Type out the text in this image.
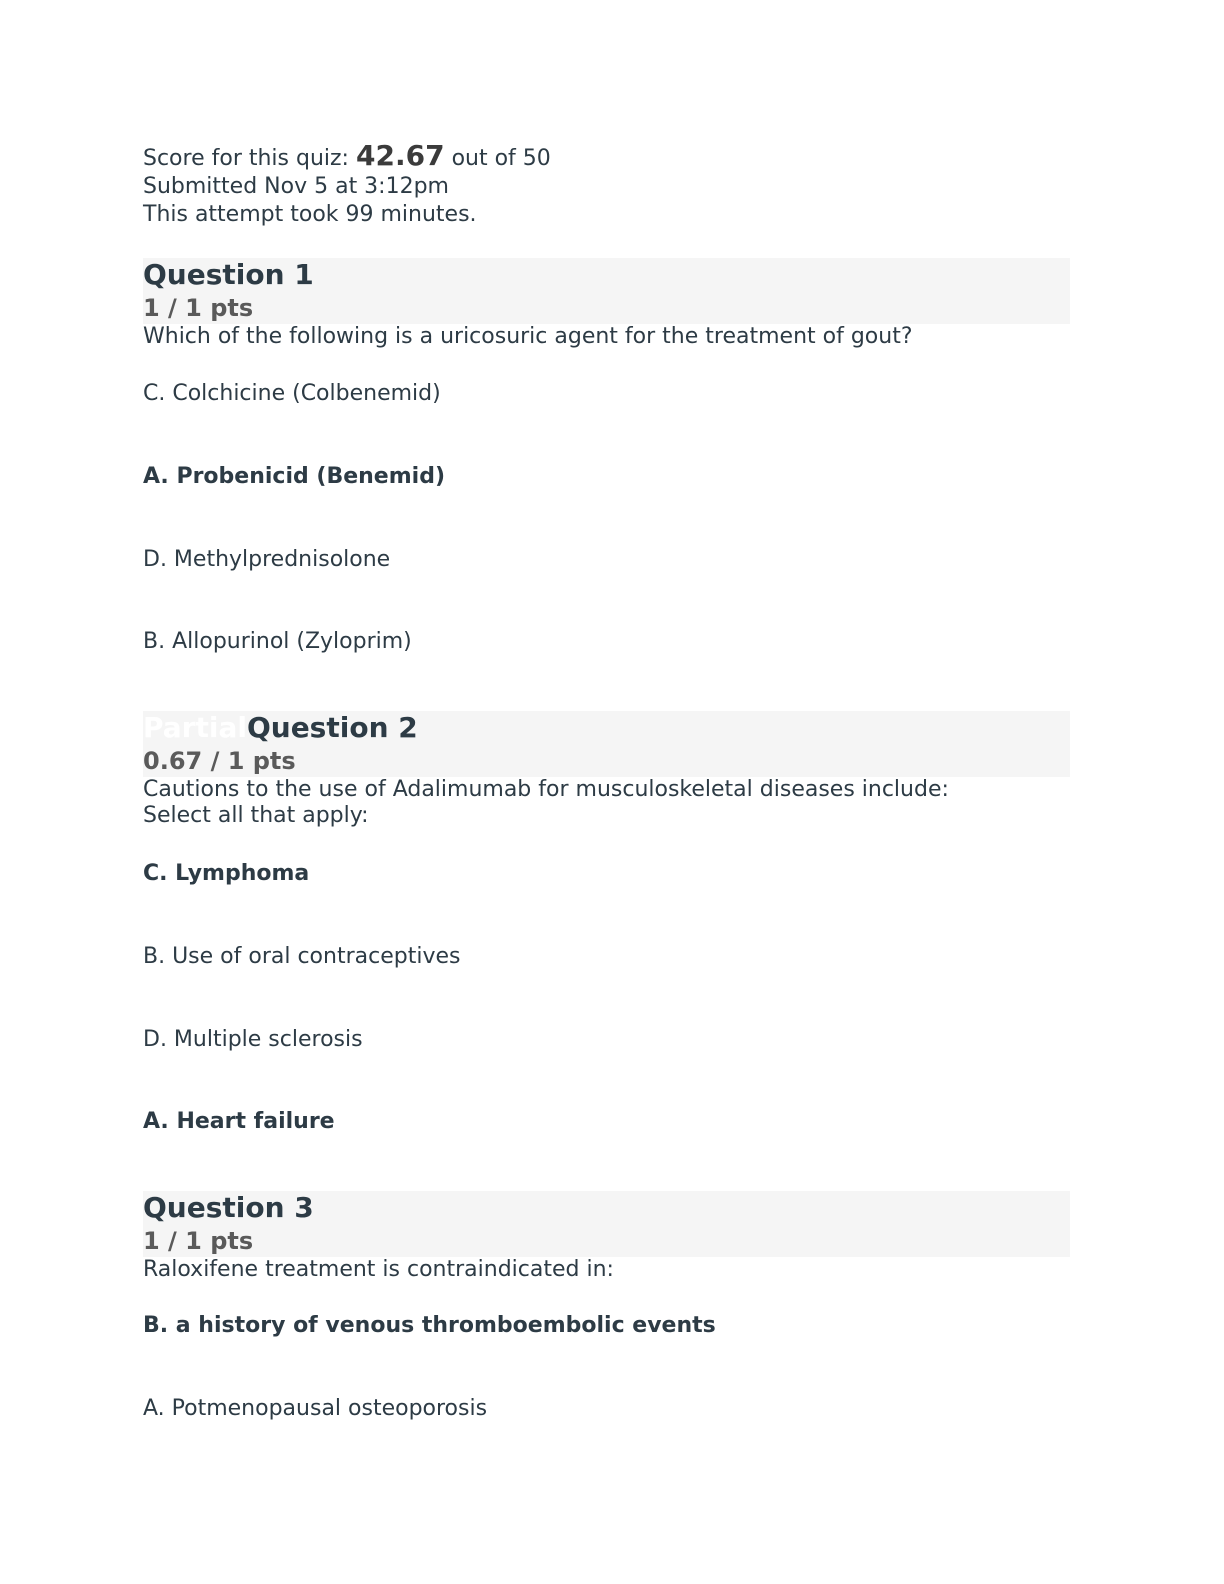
Score for this quiz: 42.67 out of 50
Submitted Nov 5 at 3:12pm
This attempt took 99 minutes.
Question 1
1 / 1 pts
Which of the following is a uricosuric agent for the treatment of gout?
C. Colchicine (Colbenemid)
A. Probenicid (Benemid)
D. Methylprednisolone
B. Allopurinol (Zyloprim)
PartialQuestion 2
0.67 / 1 pts
Cautions to the use of Adalimumab for musculoskeletal diseases include:
Select all that apply:
C. Lymphoma
B. Use of oral contraceptives
D. Multiple sclerosis
A. Heart failure
Question 3
1 / 1 pts
Raloxifene treatment is contraindicated in:
B. a history of venous thromboembolic events
A. Potmenopausal osteoporosis
